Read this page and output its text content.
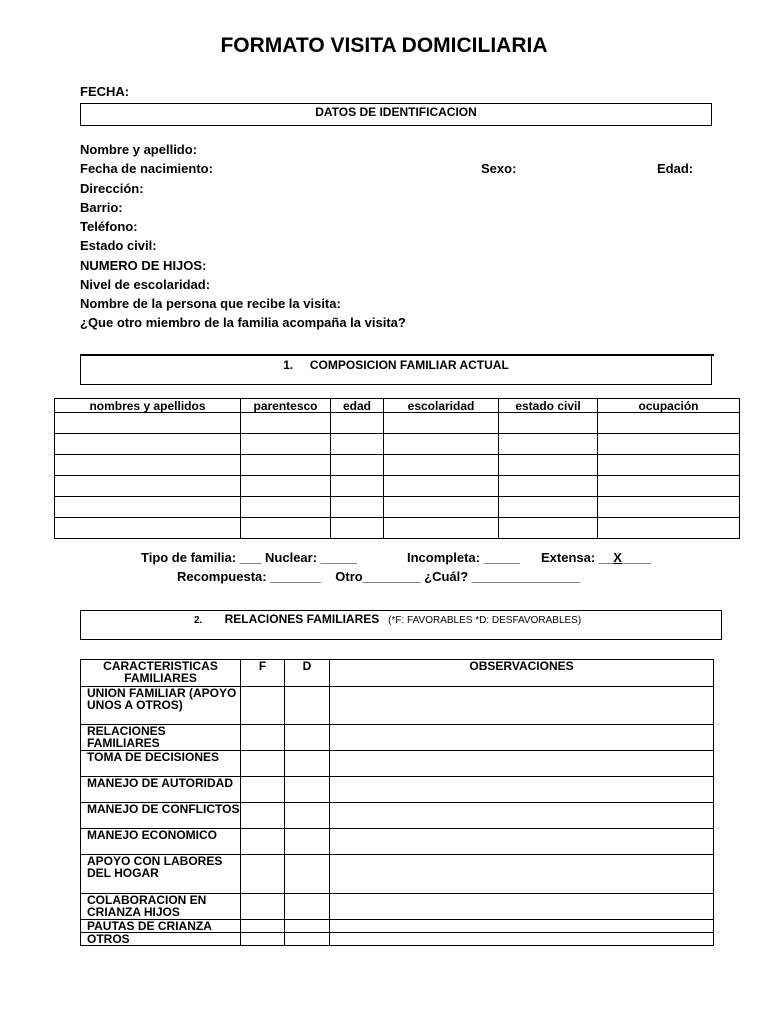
FORMATO VISITA DOMICILIARIA
FECHA:
DATOS DE IDENTIFICACION
Nombre y apellido:
Fecha de nacimiento:	Sexo:	Edad:
Dirección:
Barrio:
Teléfono:
Estado civil:
NUMERO DE HIJOS:
Nivel de escolaridad:
Nombre de la persona que recibe la visita:
¿Que otro miembro de la familia acompaña la visita?
1. COMPOSICION FAMILIAR ACTUAL
nombres y apellidos	parentesco	edad	escolaridad	estado civil	ocupación

Tipo de familia: ___ Nuclear: _____	Incompleta: _____ Extensa: __X____
Recompuesta: _______    Otro________ ¿Cuál? _______________
2. RELACIONES FAMILIARES (*F: FAVORABLES *D: DESFAVORABLES)
CARACTERISTICAS FAMILIARES	F	D	OBSERVACIONES
UNION FAMILIAR (APOYO UNOS A OTROS)			
RELACIONES FAMILIARES			
TOMA DE DECISIONES			
MANEJO DE AUTORIDAD			
MANEJO DE CONFLICTOS			
MANEJO ECONOMICO			
APOYO CON LABORES DEL HOGAR			
COLABORACION EN CRIANZA HIJOS			
PAUTAS DE CRIANZA			
OTROS			
